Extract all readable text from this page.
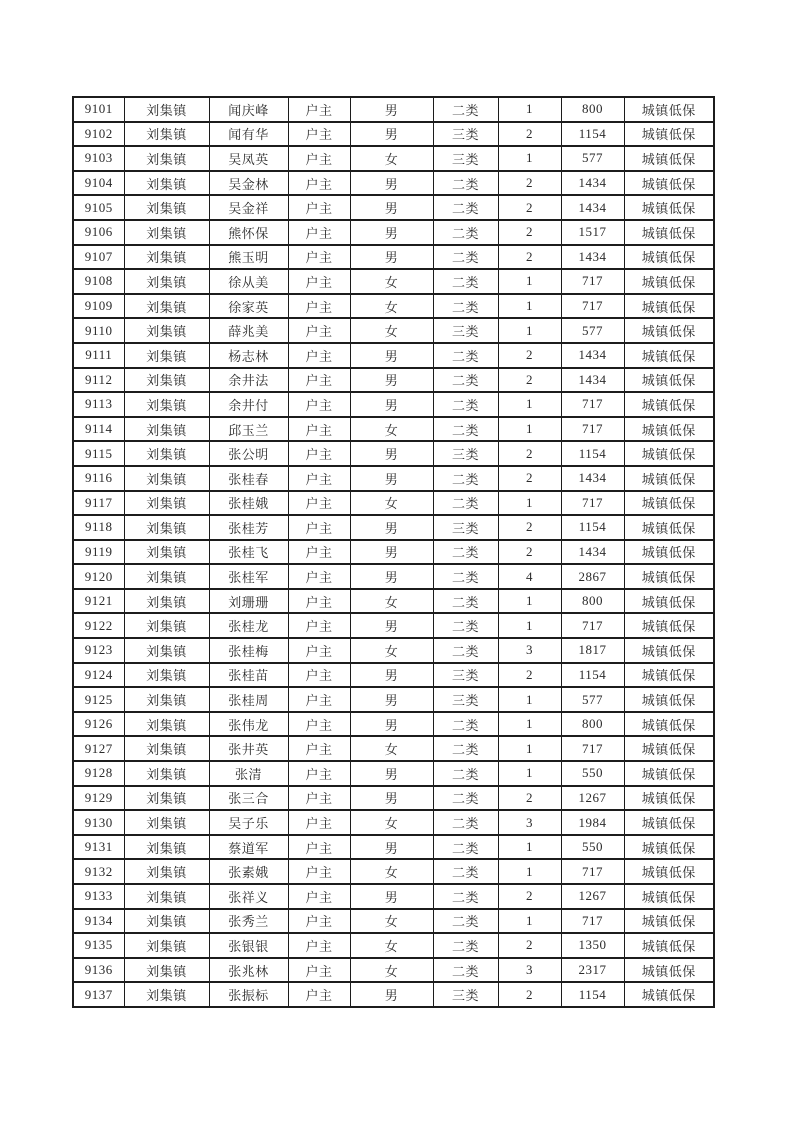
9101	刘集镇	闻庆峰	户主	男	二类	1	800	城镇低保
9102	刘集镇	闻有华	户主	男	三类	2	1154	城镇低保
9103	刘集镇	吴凤英	户主	女	三类	1	577	城镇低保
9104	刘集镇	吴金林	户主	男	二类	2	1434	城镇低保
9105	刘集镇	吴金祥	户主	男	二类	2	1434	城镇低保
9106	刘集镇	熊怀保	户主	男	二类	2	1517	城镇低保
9107	刘集镇	熊玉明	户主	男	二类	2	1434	城镇低保
9108	刘集镇	徐从美	户主	女	二类	1	717	城镇低保
9109	刘集镇	徐家英	户主	女	二类	1	717	城镇低保
9110	刘集镇	薛兆美	户主	女	三类	1	577	城镇低保
9111	刘集镇	杨志林	户主	男	二类	2	1434	城镇低保
9112	刘集镇	余井法	户主	男	二类	2	1434	城镇低保
9113	刘集镇	余井付	户主	男	二类	1	717	城镇低保
9114	刘集镇	邱玉兰	户主	女	二类	1	717	城镇低保
9115	刘集镇	张公明	户主	男	三类	2	1154	城镇低保
9116	刘集镇	张桂春	户主	男	二类	2	1434	城镇低保
9117	刘集镇	张桂娥	户主	女	二类	1	717	城镇低保
9118	刘集镇	张桂芳	户主	男	三类	2	1154	城镇低保
9119	刘集镇	张桂飞	户主	男	二类	2	1434	城镇低保
9120	刘集镇	张桂军	户主	男	二类	4	2867	城镇低保
9121	刘集镇	刘珊珊	户主	女	二类	1	800	城镇低保
9122	刘集镇	张桂龙	户主	男	二类	1	717	城镇低保
9123	刘集镇	张桂梅	户主	女	二类	3	1817	城镇低保
9124	刘集镇	张桂苗	户主	男	三类	2	1154	城镇低保
9125	刘集镇	张桂周	户主	男	三类	1	577	城镇低保
9126	刘集镇	张伟龙	户主	男	二类	1	800	城镇低保
9127	刘集镇	张井英	户主	女	二类	1	717	城镇低保
9128	刘集镇	张清	户主	男	二类	1	550	城镇低保
9129	刘集镇	张三合	户主	男	二类	2	1267	城镇低保
9130	刘集镇	吴子乐	户主	女	二类	3	1984	城镇低保
9131	刘集镇	蔡道军	户主	男	二类	1	550	城镇低保
9132	刘集镇	张素娥	户主	女	二类	1	717	城镇低保
9133	刘集镇	张祥义	户主	男	二类	2	1267	城镇低保
9134	刘集镇	张秀兰	户主	女	二类	1	717	城镇低保
9135	刘集镇	张银银	户主	女	二类	2	1350	城镇低保
9136	刘集镇	张兆林	户主	女	二类	3	2317	城镇低保
9137	刘集镇	张振标	户主	男	三类	2	1154	城镇低保
